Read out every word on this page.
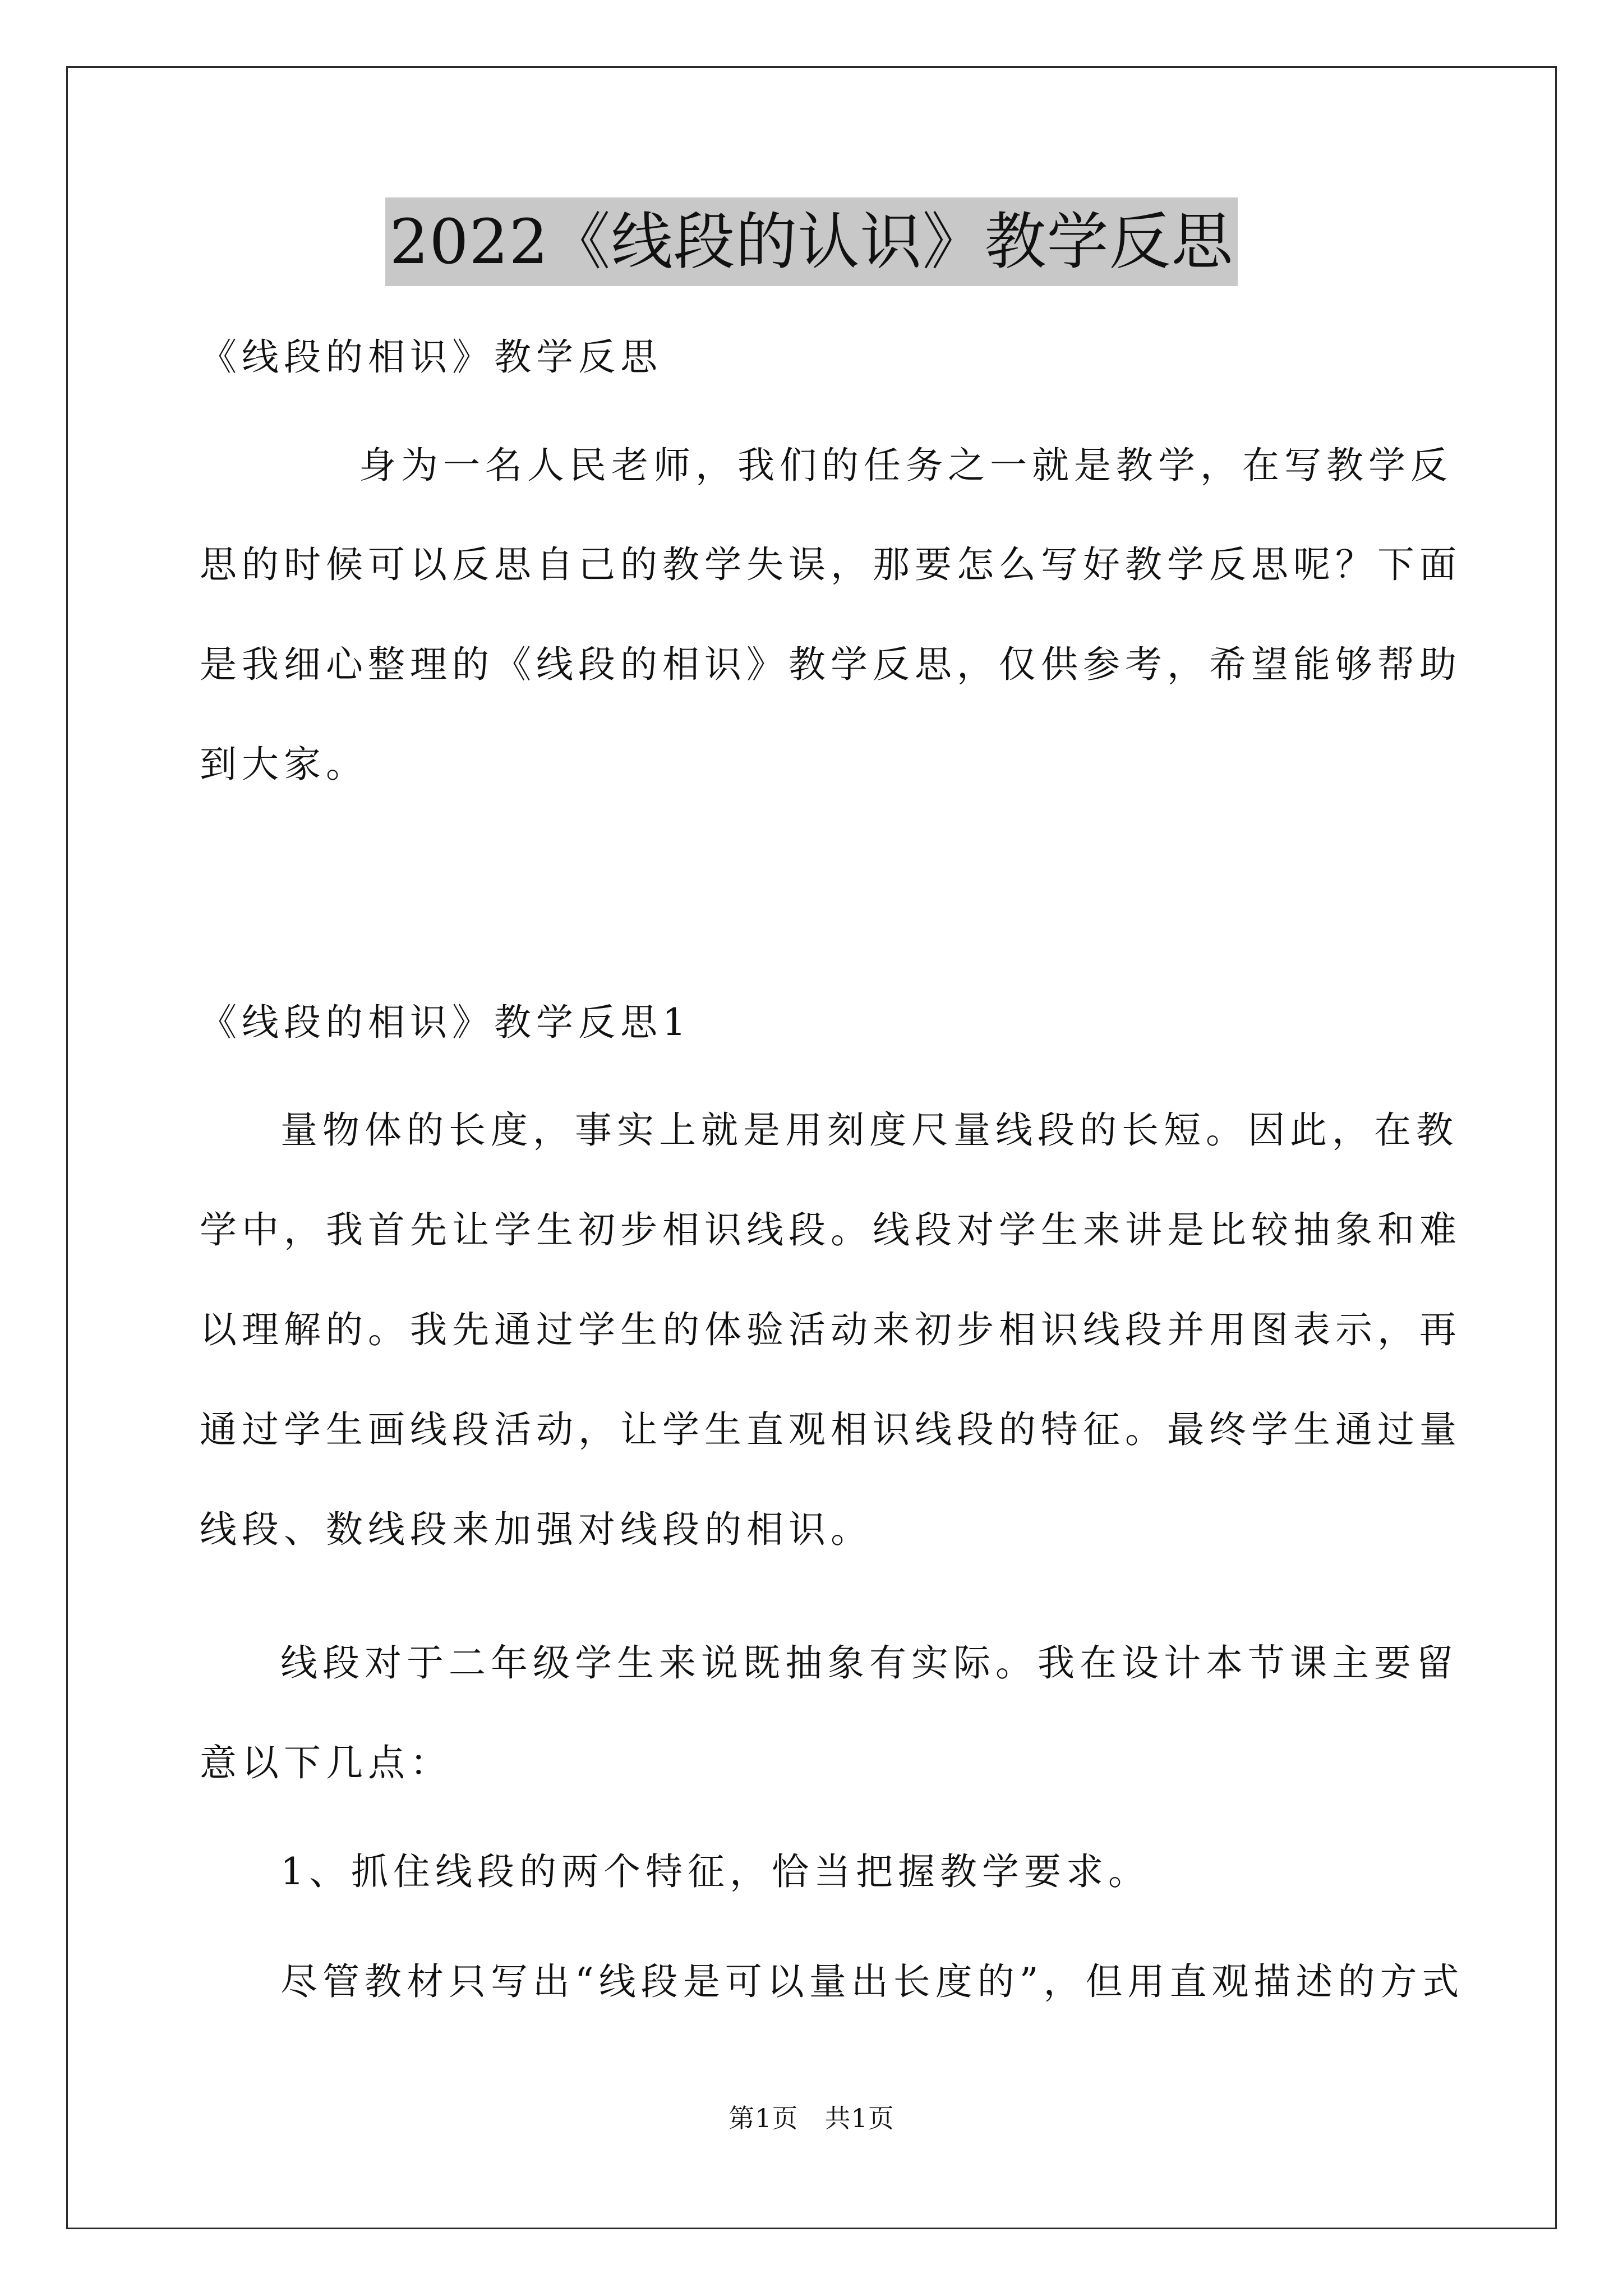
2022《线段的认识》教学反思
《线段的相识》教学反思
身为一名人民老师，我们的任务之一就是教学，在写教学反
思的时候可以反思自己的教学失误，那要怎么写好教学反思呢？下面
是我细心整理的《线段的相识》教学反思，仅供参考，希望能够帮助
到大家。
《线段的相识》教学反思1
量物体的长度，事实上就是用刻度尺量线段的长短。因此，在教
学中，我首先让学生初步相识线段。线段对学生来讲是比较抽象和难
以理解的。我先通过学生的体验活动来初步相识线段并用图表示，再
通过学生画线段活动，让学生直观相识线段的特征。最终学生通过量
线段、数线段来加强对线段的相识。
线段对于二年级学生来说既抽象有实际。我在设计本节课主要留
意以下几点：
1、抓住线段的两个特征，恰当把握教学要求。
尽管教材只写出“线段是可以量出长度的”，但用直观描述的方式
第1页　共1页
